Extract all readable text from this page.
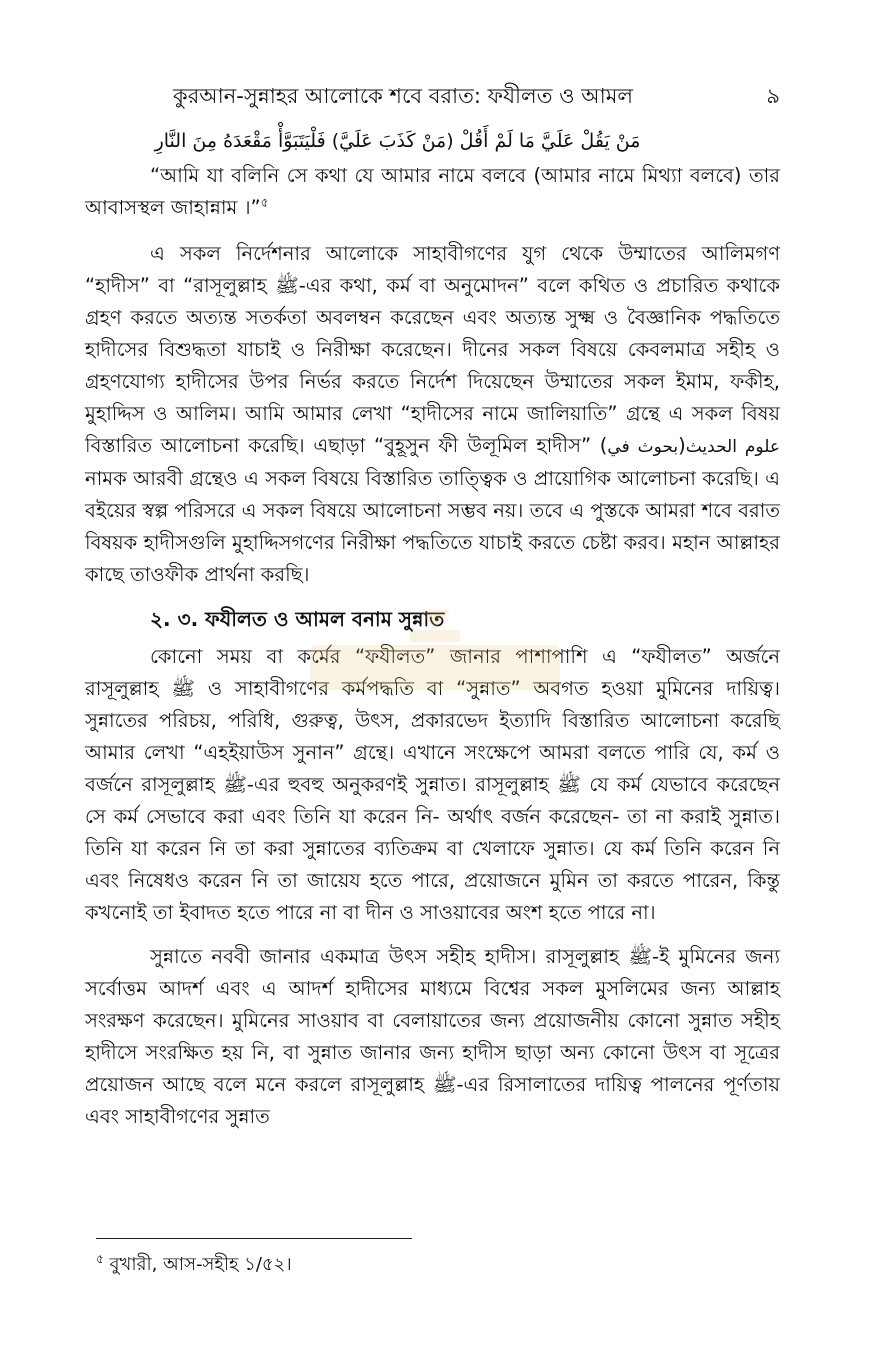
কুরআন-সুন্নাহর আলোকে শবে বরাত: ফযীলত ও আমল	৯
مَنْ يَقُلْ عَلَيَّ مَا لَمْ أَقُلْ (مَنْ كَذَبَ عَلَيَّ) فَلْيَتَبَوَّأْ مَقْعَدَهُ مِنَ النَّارِ

“আমি যা বলিনি সে কথা যে আমার নামে বলবে (আমার নামে মিথ্যা বলবে) তার আবাসস্থল জাহান্নাম ।”$^৫$

এ সকল নির্দেশনার আলোকে সাহাবীগণের যুগ থেকে উম্মাতের আলিমগণ “হাদীস” বা “রাসূলুল্লাহ ﷺ-এর কথা, কর্ম বা অনুমোদন” বলে কথিত ও প্রচারিত কথাকে গ্রহণ করতে অত্যন্ত সতর্কতা অবলম্বন করেছেন এবং অত্যন্ত সুক্ষ্ম ও বৈজ্ঞানিক পদ্ধতিতে হাদীসের বিশুদ্ধতা যাচাই ও নিরীক্ষা করেছেন। দীনের সকল বিষয়ে কেবলমাত্র সহীহ ও গ্রহণযোগ্য হাদীসের উপর নির্ভর করতে নির্দেশ দিয়েছেন উম্মাতের সকল ইমাম, ফকীহ, মুহাদ্দিস ও আলিম। আমি আমার লেখা “হাদীসের নামে জালিয়াতি” গ্রন্থে এ সকল বিষয় বিস্তারিত আলোচনা করেছি। এছাড়া “বুহূসুন ফী উলূমিল হাদীস” (بحوث في)علوم الحديث নামক আরবী গ্রন্থেও এ সকল বিষয়ে বিস্তারিত তাত্ত্বিক ও প্রায়োগিক আলোচনা করেছি। এ বইয়ের স্বল্প পরিসরে এ সকল বিষয়ে আলোচনা সম্ভব নয়। তবে এ পুস্তকে আমরা শবে বরাত বিষয়ক হাদীসগুলি মুহাদ্দিসগণের নিরীক্ষা পদ্ধতিতে যাচাই করতে চেষ্টা করব। মহান আল্লাহর কাছে তাওফীক প্রার্থনা করছি।

২. ৩. ফযীলত ও আমল বনাম সুন্নাত

কোনো সময় বা কর্মের “ফযীলত” জানার পাশাপাশি এ “ফযীলত” অর্জনে রাসূলুল্লাহ ﷺ ও সাহাবীগণের কর্মপদ্ধতি বা “সুন্নাত” অবগত হওয়া মুমিনের দায়িত্ব। সুন্নাতের পরিচয়, পরিধি, গুরুত্ব, উৎস, প্রকারভেদ ইত্যাদি বিস্তারিত আলোচনা করেছি আমার লেখা “এহইয়াউস সুনান” গ্রন্থে। এখানে সংক্ষেপে আমরা বলতে পারি যে, কর্ম ও বর্জনে রাসূলুল্লাহ ﷺ-এর হুবহু অনুকরণই সুন্নাত। রাসূলুল্লাহ ﷺ যে কর্ম যেভাবে করেছেন সে কর্ম সেভাবে করা এবং তিনি যা করেন নি- অর্থাৎ বর্জন করেছেন- তা না করাই সুন্নাত। তিনি যা করেন নি তা করা সুন্নাতের ব্যতিক্রম বা খেলাফে সুন্নাত। যে কর্ম তিনি করেন নি এবং নিষেধও করেন নি তা জায়েয হতে পারে, প্রয়োজনে মুমিন তা করতে পারেন, কিন্তু কখনোই তা ইবাদত হতে পারে না বা দীন ও সাওয়াবের অংশ হতে পারে না।

সুন্নাতে নববী জানার একমাত্র উৎস সহীহ হাদীস। রাসূলুল্লাহ ﷺ-ই মুমিনের জন্য সর্বোত্তম আদর্শ এবং এ আদর্শ হাদীসের মাধ্যমে বিশ্বের সকল মুসলিমের জন্য আল্লাহ সংরক্ষণ করেছেন। মুমিনের সাওয়াব বা বেলায়াতের জন্য প্রয়োজনীয় কোনো সুন্নাত সহীহ হাদীসে সংরক্ষিত হয় নি, বা সুন্নাত জানার জন্য হাদীস ছাড়া অন্য কোনো উৎস বা সূত্রের প্রয়োজন আছে বলে মনে করলে রাসূলুল্লাহ ﷺ-এর রিসালাতের দায়িত্ব পালনের পূর্ণতায় এবং সাহাবীগণের সুন্নাত

$^৫$ বুখারী, আস-সহীহ ১/৫২।
